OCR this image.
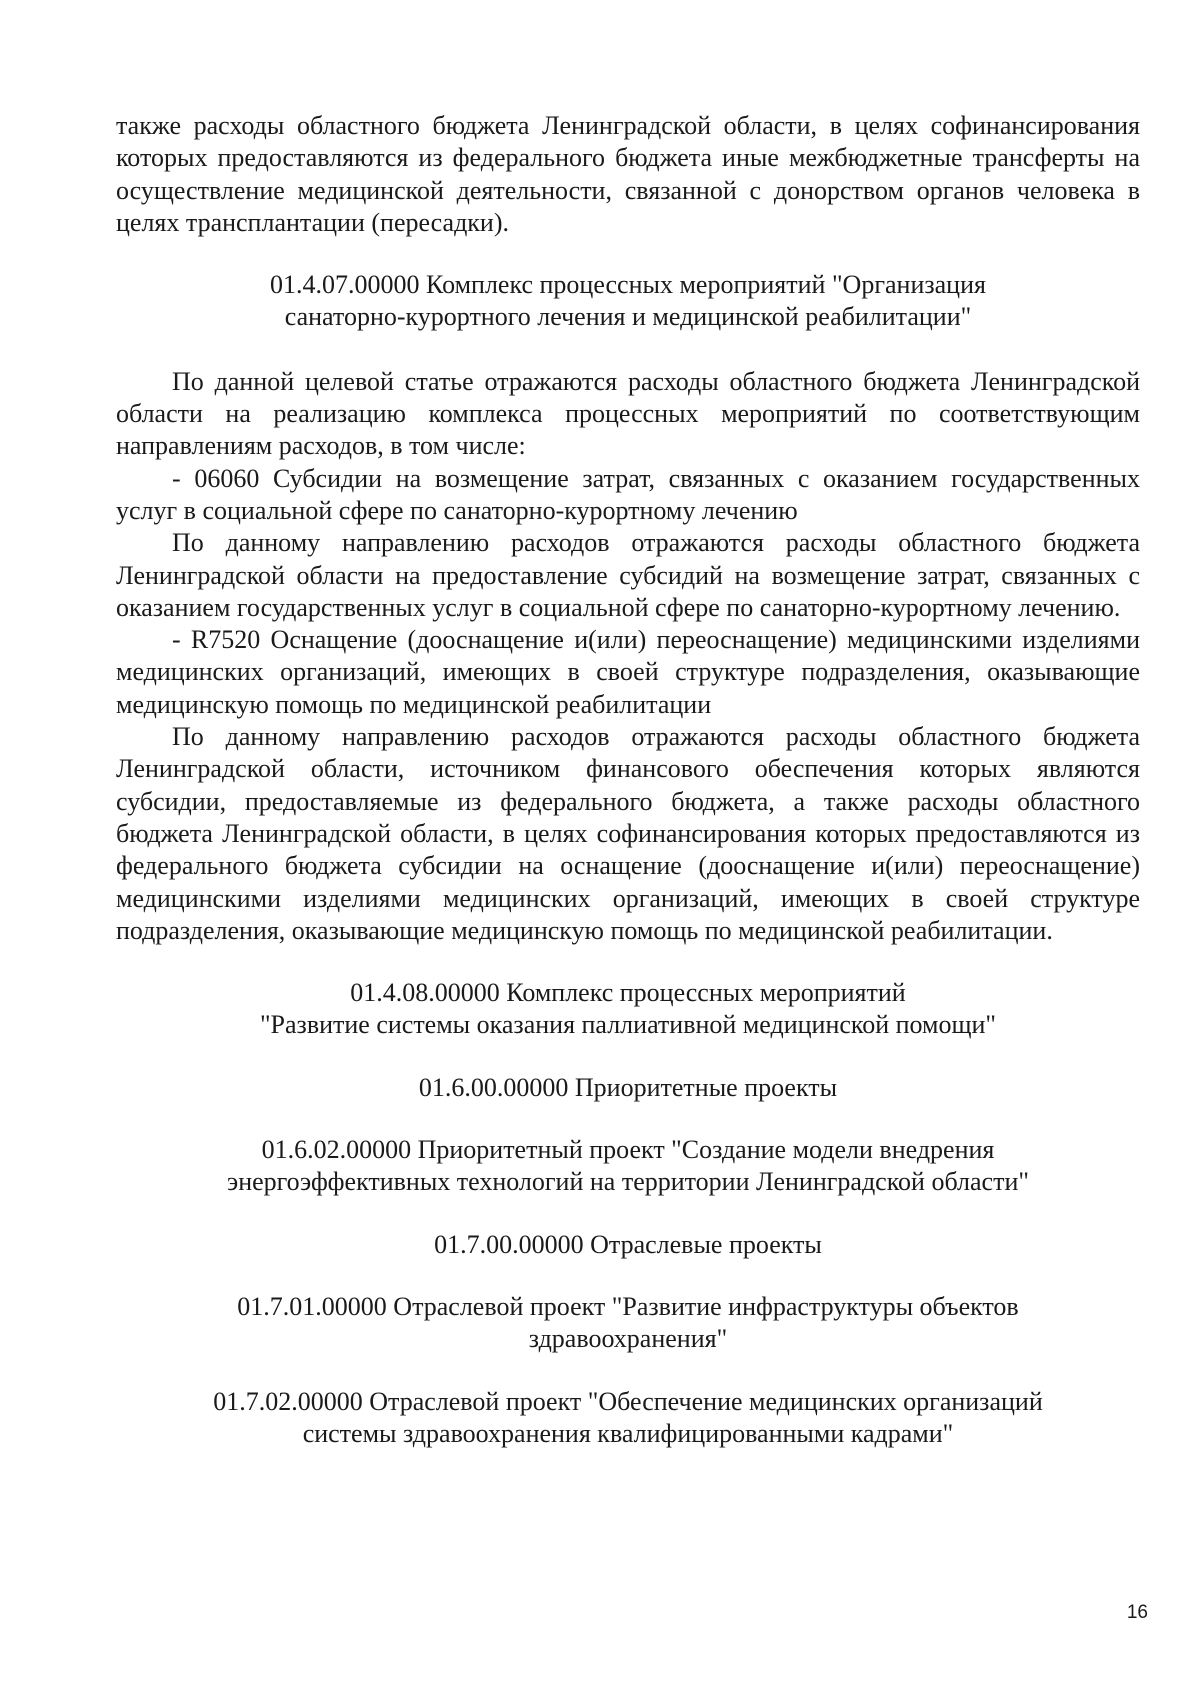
также расходы областного бюджета Ленинградской области, в целях софинансирования которых предоставляются из федерального бюджета иные межбюджетные трансферты на осуществление медицинской деятельности, связанной с донорством органов человека в целях трансплантации (пересадки).

01.4.07.00000 Комплекс процессных мероприятий "Организация
санаторно-курортного лечения и медицинской реабилитации"

По данной целевой статье отражаются расходы областного бюджета Ленинградской области на реализацию комплекса процессных мероприятий по соответствующим направлениям расходов, в том числе:

- 06060 Субсидии на возмещение затрат, связанных с оказанием государственных услуг в социальной сфере по санаторно-курортному лечению

По данному направлению расходов отражаются расходы областного бюджета Ленинградской области на предоставление субсидий на возмещение затрат, связанных с оказанием государственных услуг в социальной сфере по санаторно-курортному лечению.

- R7520 Оснащение (дооснащение и(или) переоснащение) медицинскими изделиями медицинских организаций, имеющих в своей структуре подразделения, оказывающие медицинскую помощь по медицинской реабилитации

По данному направлению расходов отражаются расходы областного бюджета Ленинградской области, источником финансового обеспечения которых являются субсидии, предоставляемые из федерального бюджета, а также расходы областного бюджета Ленинградской области, в целях софинансирования которых предоставляются из федерального бюджета субсидии на оснащение (дооснащение и(или) переоснащение) медицинскими изделиями медицинских организаций, имеющих в своей структуре подразделения, оказывающие медицинскую помощь по медицинской реабилитации.

01.4.08.00000 Комплекс процессных мероприятий
"Развитие системы оказания паллиативной медицинской помощи"
01.6.00.00000 Приоритетные проекты
01.6.02.00000 Приоритетный проект "Создание модели внедрения
энергоэффективных технологий на территории Ленинградской области"
01.7.00.00000 Отраслевые проекты
01.7.01.00000 Отраслевой проект "Развитие инфраструктуры объектов
здравоохранения"
01.7.02.00000 Отраслевой проект "Обеспечение медицинских организаций
системы здравоохранения квалифицированными кадрами"
16
